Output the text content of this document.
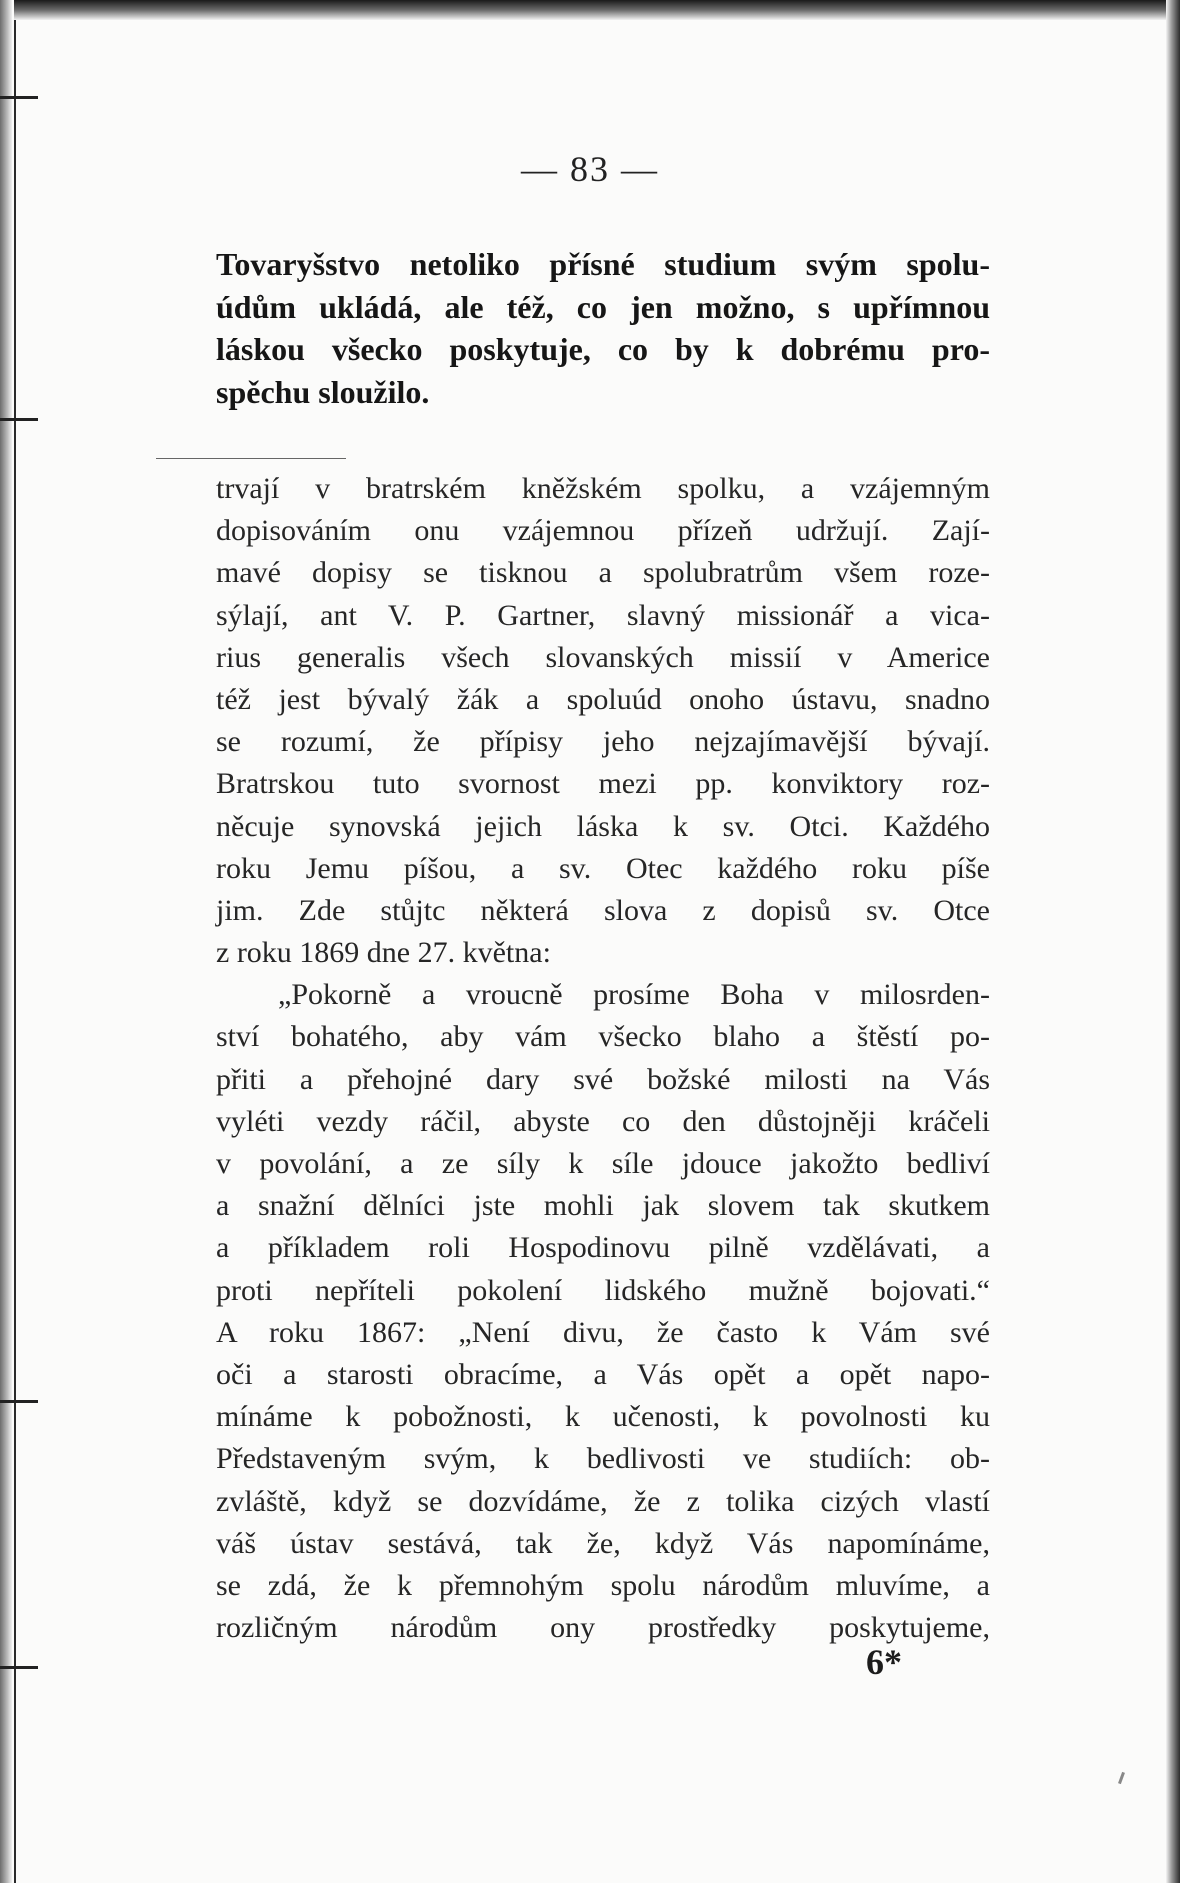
— 83 —
Tovaryšstvo netoliko přísné studium svým spolu-
údům ukládá, ale též, co jen možno, s upřímnou
láskou všecko poskytuje, co by k dobrému pro-
spěchu sloužilo.
trvají v bratrském kněžském spolku, a vzájemným
dopisováním onu vzájemnou přízeň udržují. Zají-
mavé dopisy se tisknou a spolubratrům všem roze-
sýlají, ant V. P. Gartner, slavný missionář a vica-
rius generalis všech slovanských missií v Americe
též jest bývalý žák a spoluúd onoho ústavu, snadno
se rozumí, že přípisy jeho nejzajímavější bývají.
Bratrskou tuto svornost mezi pp. konviktory roz-
něcuje synovská jejich láska k sv. Otci. Každého
roku Jemu píšou, a sv. Otec každého roku píše
jim. Zde stůjtc některá slova z dopisů sv. Otce
z roku 1869 dne 27. května:
„Pokorně a vroucně prosíme Boha v milosrden-
ství bohatého, aby vám všecko blaho a štěstí po-
přiti a přehojné dary své božské milosti na Vás
vyléti vezdy ráčil, abyste co den důstojněji kráčeli
v povolání, a ze síly k síle jdouce jakožto bedliví
a snažní dělníci jste mohli jak slovem tak skutkem
a příkladem roli Hospodinovu pilně vzdělávati, a
proti nepříteli pokolení lidského mužně bojovati.“
A roku 1867: „Není divu, že často k Vám své
oči a starosti obracíme, a Vás opět a opět napo-
mínáme k pobožnosti, k učenosti, k povolnosti ku
Představeným svým, k bedlivosti ve studiích: ob-
zvláště, když se dozvídáme, že z tolika cizých vlastí
váš ústav sestává, tak že, když Vás napomínáme,
se zdá, že k přemnohým spolu národům mluvíme, a
rozličným národům ony prostředky poskytujeme,
6*
